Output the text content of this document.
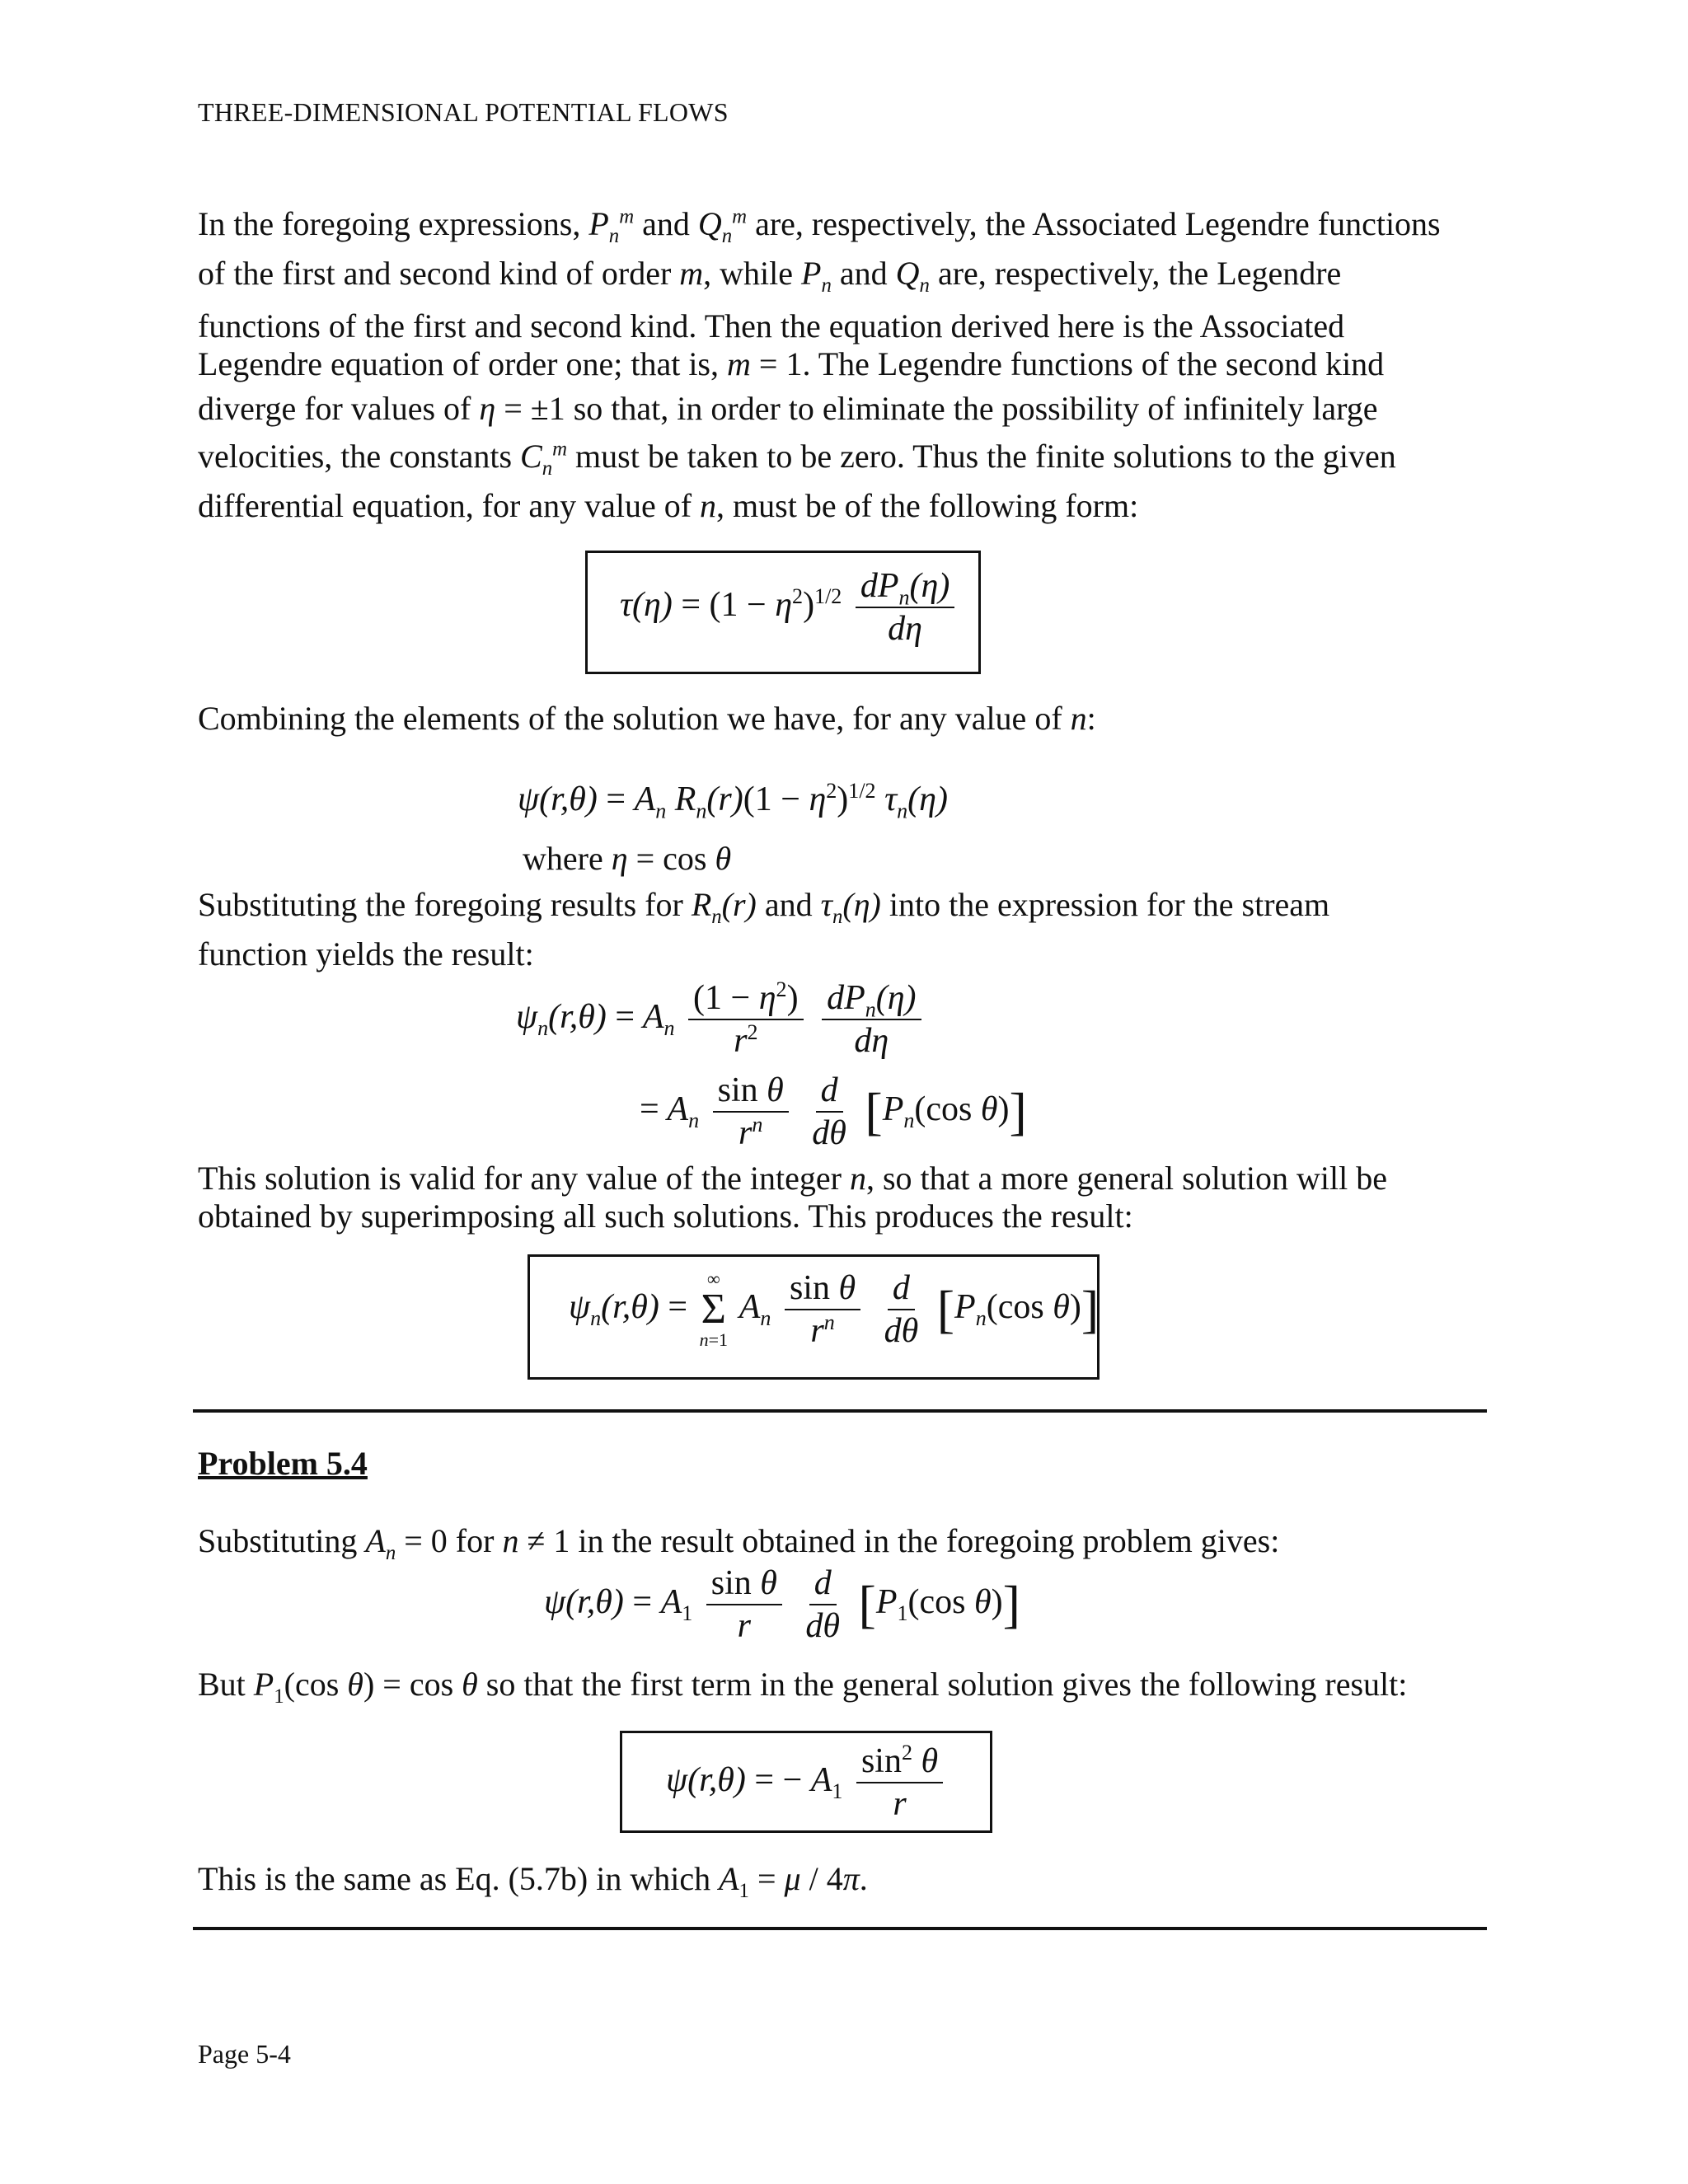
THREE-DIMENSIONAL POTENTIAL FLOWS
In the foregoing expressions, $P_n^m$ and $Q_n^m$ are, respectively, the Associated Legendre functions
of the first and second kind of order m, while $P_n$ and $Q_n$ are, respectively, the Legendre
functions of the first and second kind. Then the equation derived here is the Associated
Legendre equation of order one; that is, m = 1. The Legendre functions of the second kind
diverge for values of η = ±1 so that, in order to eliminate the possibility of infinitely large
velocities, the constants $C_n^m$ must be taken to be zero. Thus the finite solutions to the given
differential equation, for any value of n, must be of the following form:
$\tau(\eta) = (1 - \eta^2)^{1/2} \frac{dP_n(\eta)}{d\eta}$
Combining the elements of the solution we have, for any value of n:
$\psi(r,\theta) = A_n$ $R_n(r)(1 - \eta^2)^{1/2}$ $\tau_n(\eta)$
where η = cos θ
Substituting the foregoing results for $R_n(r)$ and $\tau_n(\eta)$ into the expression for the stream
function yields the result:
$\psi_n(r,\theta) = A_n \frac{(1 - \eta^2)}{r^2}$
$\frac{dP_n(\eta)}{d\eta}$
= $A_n \frac{\text{sin θ}}{r^n}$
$\frac{d}{d\theta} [P_n(\cos$ θ)]
This solution is valid for any value of the integer n, so that a more general solution will be
obtained by superimposing all such solutions. This produces the result:
$\psi_n(r,\theta)$ =
∞
Σ
n=1
$A_n \frac{\text{sin θ}}{r^n}$
$\frac{d}{d\theta} [P_n(\cos$ θ)]
Problem 5.4
Substituting $A_n = 0$ for n ≠ 1 in the result obtained in the foregoing problem gives:
$\psi(r,\theta) = A_1 \frac{\text{sin θ}}{r}$
$\frac{d}{d\theta} [P_1(\cos$ θ)]
But $P_1(\cos$ θ) = cos θ so that the first term in the general solution gives the following result:
ψ(r,θ) = − $A_1 \frac{\sin^2 \theta}{r}$
This is the same as Eq. (5.7b) in which $A_1 = \mu / 4\pi$.
Page 5-4
